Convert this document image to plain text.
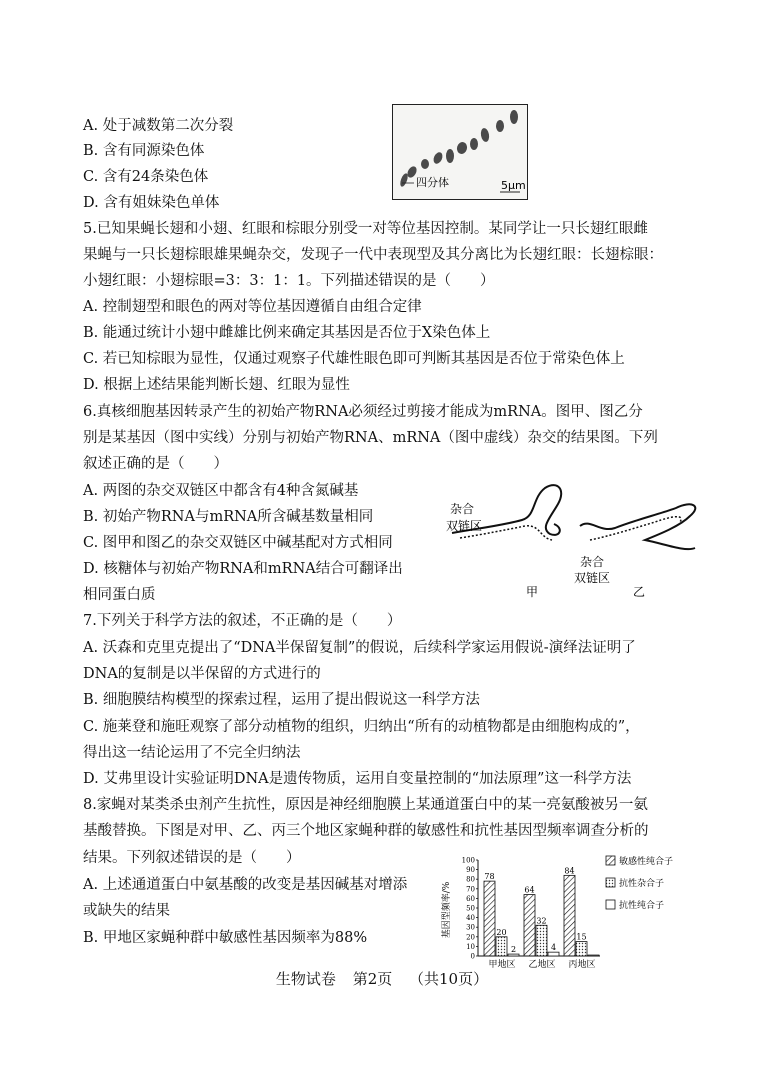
A. 处于减数第二次分裂
B. 含有同源染色体
C. 含有24条染色体
D. 含有姐妹染色单体
四分体	5μm
5.已知果蝇长翅和小翅、红眼和棕眼分别受一对等位基因控制。某同学让一只长翅红眼雌
果蝇与一只长翅棕眼雄果蝇杂交，发现子一代中表现型及其分离比为长翅红眼：长翅棕眼：
小翅红眼：小翅棕眼=3：3：1：1。下列描述错误的是（　　）
A. 控制翅型和眼色的两对等位基因遵循自由组合定律
B. 能通过统计小翅中雌雄比例来确定其基因是否位于X染色体上
C. 若已知棕眼为显性，仅通过观察子代雄性眼色即可判断其基因是否位于常染色体上
D. 根据上述结果能判断长翅、红眼为显性
6.真核细胞基因转录产生的初始产物RNA必须经过剪接才能成为mRNA。图甲、图乙分
别是某基因（图中实线）分别与初始产物RNA、mRNA（图中虚线）杂交的结果图。下列
叙述正确的是（　　）
A. 两图的杂交双链区中都含有4种含氮碱基
B. 初始产物RNA与mRNA所含碱基数量相同
C. 图甲和图乙的杂交双链区中碱基配对方式相同
D. 核糖体与初始产物RNA和mRNA结合可翻译出
相同蛋白质
杂合
双链区
杂合
双链区
甲	乙
7.下列关于科学方法的叙述，不正确的是（　　）
A. 沃森和克里克提出了“DNA半保留复制”的假说，后续科学家运用假说-演绎法证明了
DNA的复制是以半保留的方式进行的
B. 细胞膜结构模型的探索过程，运用了提出假说这一科学方法
C. 施莱登和施旺观察了部分动植物的组织，归纳出“所有的动植物都是由细胞构成的”，
得出这一结论运用了不完全归纳法
D. 艾弗里设计实验证明DNA是遗传物质，运用自变量控制的“加法原理”这一科学方法
8.家蝇对某类杀虫剂产生抗性，原因是神经细胞膜上某通道蛋白中的某一亮氨酸被另一氨
基酸替换。下图是对甲、乙、丙三个地区家蝇种群的敏感性和抗性基因型频率调查分析的
结果。下列叙述错误的是（　　）
A. 上述通道蛋白中氨基酸的改变是基因碱基对增添
或缺失的结果
B. 甲地区家蝇种群中敏感性基因频率为88%	基因型频率/%
0
10
20
30
40
50
60
70
80
90
100
78
20
2
甲地区
64
32
4
乙地区
84
15
丙地区
敏感性纯合子
抗性杂合子
抗性纯合子
生物试卷 第2页 （共10页）
